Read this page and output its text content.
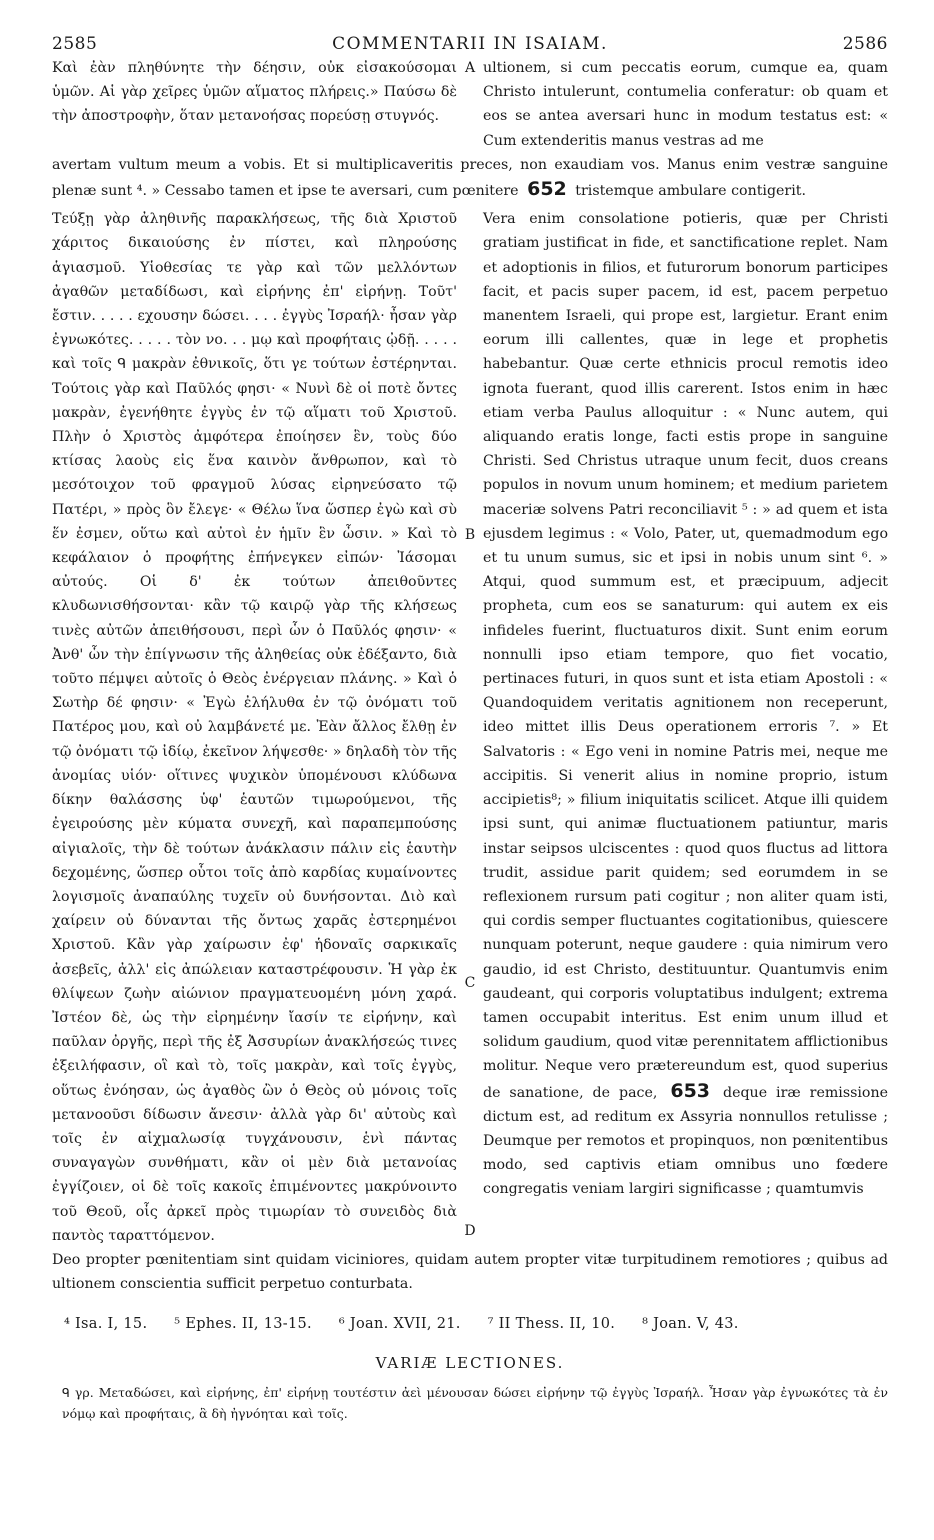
2585	COMMENTARII IN ISAIAM.	2586
Καὶ ἐὰν πληθύνητε τὴν δέησιν, οὐκ εἰσακούσομαι ὑμῶν. Αἱ γὰρ χεῖρες ὑμῶν αἵματος πλήρεις.» Παύσω δὲ τὴν ἀποστροφὴν, ὅταν μετανοήσας πορεύσῃ στυγνός.
A ultionem, si cum peccatis eorum, cumque ea, quam Christo intulerunt, contumelia conferatur: ob quam et eos se antea aversari hunc in modum testatus est: « Cum extenderitis manus vestras ad me
avertam vultum meum a vobis. Et si multiplicaveritis preces, non exaudiam vos. Manus enim vestræ sanguine plenæ sunt ⁴. » Cessabo tamen et ipse te aversari, cum pœnitere 652 tristemque ambulare contigerit.
Τεύξῃ γὰρ ἀληθινῆς παρακλήσεως, τῆς διὰ Χριστοῦ χάριτος δικαιούσης ἐν πίστει, καὶ πληρούσης ἁγιασμοῦ. Υἱοθεσίας τε γὰρ καὶ τῶν μελλόντων ἀγαθῶν μεταδίδωσι, καὶ εἰρήνης ἐπ' εἰρήνῃ. Τοῦτ' ἔστιν. . . . . εχουσην δώσει. . . . ἐγγὺς Ἰσραήλ· ἦσαν γὰρ ἐγνωκότες. . . . . τὸν νο. . . μῳ καὶ προφήταις ᾠδῇ. . . . . καὶ τοῖς ᑫ μακρὰν ἐθνικοῖς, ὅτι γε τούτων ἐστέρηνται. Τούτοις γὰρ καὶ Παῦλός φησι· « Νυνὶ δὲ οἱ ποτὲ ὄντες μακρὰν, ἐγενήθητε ἐγγὺς ἐν τῷ αἵματι τοῦ Χριστοῦ. Πλὴν ὁ Χριστὸς ἀμφότερα ἐποίησεν ἓν, τοὺς δύο κτίσας λαοὺς εἰς ἕνα καινὸν ἄνθρωπον, καὶ τὸ μεσότοιχον τοῦ φραγμοῦ λύσας εἰρηνεύσατο τῷ Πατέρι, » πρὸς ὃν ἔλεγε· « Θέλω ἵνα ὥσπερ ἐγὼ καὶ σὺ ἕν ἐσμεν, οὕτω καὶ αὐτοὶ ἐν ἡμῖν ἓν ὦσιν. » Καὶ τὸ κεφάλαιον ὁ προφήτης ἐπήνεγκεν εἰπών· Ἰάσομαι αὐτούς. Οἱ δ' ἐκ τούτων ἀπειθοῦντες κλυδωνισθήσονται· κἂν τῷ καιρῷ γὰρ τῆς κλήσεως τινὲς αὐτῶν ἀπειθήσουσι, περὶ ὧν ὁ Παῦλός φησιν· « Ἀνθ' ὧν τὴν ἐπίγνωσιν τῆς ἀληθείας οὐκ ἐδέξαντο, διὰ τοῦτο πέμψει αὐτοῖς ὁ Θεὸς ἐνέργειαν πλάνης. » Καὶ ὁ Σωτὴρ δέ φησιν· « Ἐγὼ ἐλήλυθα ἐν τῷ ὀνόματι τοῦ Πατέρος μου, καὶ οὐ λαμβάνετέ με. Ἐὰν ἄλλος ἔλθῃ ἐν τῷ ὀνόματι τῷ ἰδίῳ, ἐκεῖνον λήψεσθε· » δηλαδὴ τὸν τῆς ἀνομίας υἱόν· οἵτινες ψυχικὸν ὑπομένουσι κλύδωνα δίκην θαλάσσης ὑφ' ἑαυτῶν τιμωρούμενοι, τῆς ἐγειρούσης μὲν κύματα συνεχῆ, καὶ παραπεμπούσης αἰγιαλοῖς, τὴν δὲ τούτων ἀνάκλασιν πάλιν εἰς ἑαυτὴν δεχομένης, ὥσπερ οὗτοι τοῖς ἀπὸ καρδίας κυμαίνοντες λογισμοῖς ἀναπαύλης τυχεῖν οὐ δυνήσονται. Διὸ καὶ χαίρειν οὐ δύνανται τῆς ὄντως χαρᾶς ἐστερημένοι Χριστοῦ. Κἂν γὰρ χαίρωσιν ἐφ' ἡδοναῖς σαρκικαῖς ἀσεβεῖς, ἀλλ' εἰς ἀπώλειαν καταστρέφουσιν. Ἡ γὰρ ἐκ θλίψεων ζωὴν αἰώνιον πραγματευομένη μόνη χαρά. Ἰστέον δὲ, ὡς τὴν εἰρημένην ἴασίν τε εἰρήνην, καὶ παῦλαν ὀργῆς, περὶ τῆς ἐξ Ἀσσυρίων ἀνακλήσεώς τινες ἐξειλήφασιν, οἳ καὶ τὸ, τοῖς μακρὰν, καὶ τοῖς ἐγγὺς, οὕτως ἐνόησαν, ὡς ἀγαθὸς ὢν ὁ Θεὸς οὐ μόνοις τοῖς μετανοοῦσι δίδωσιν ἄνεσιν· ἀλλὰ γὰρ δι' αὐτοὺς καὶ τοῖς ἐν αἰχμαλωσίᾳ τυγχάνουσιν, ἑνὶ πάντας συναγαγὼν συνθήματι, κἂν οἱ μὲν διὰ μετανοίας ἐγγίζοιεν, οἱ δὲ τοῖς κακοῖς ἐπιμένοντες μακρύνοιντο τοῦ Θεοῦ, οἷς ἀρκεῖ πρὸς τιμωρίαν τὸ συνειδὸς διὰ παντὸς ταραττόμενον.
B
C
D
Vera enim consolatione potieris, quæ per Christi gratiam justificat in fide, et sanctificatione replet. Nam et adoptionis in filios, et futurorum bonorum participes facit, et pacis super pacem, id est, pacem perpetuo manentem Israeli, qui prope est, largietur. Erant enim eorum illi callentes, quæ in lege et prophetis habebantur. Quæ certe ethnicis procul remotis ideo ignota fuerant, quod illis carerent. Istos enim in hæc etiam verba Paulus alloquitur : « Nunc autem, qui aliquando eratis longe, facti estis prope in sanguine Christi. Sed Christus utraque unum fecit, duos creans populos in novum unum hominem; et medium parietem maceriæ solvens Patri reconciliavit ⁵ : » ad quem et ista ejusdem legimus : « Volo, Pater, ut, quemadmodum ego et tu unum sumus, sic et ipsi in nobis unum sint ⁶. » Atqui, quod summum est, et præcipuum, adjecit propheta, cum eos se sanaturum: qui autem ex eis infideles fuerint, fluctuaturos dixit. Sunt enim eorum nonnulli ipso etiam tempore, quo fiet vocatio, pertinaces futuri, in quos sunt et ista etiam Apostoli : « Quandoquidem veritatis agnitionem non receperunt, ideo mittet illis Deus operationem erroris ⁷. » Et Salvatoris : « Ego veni in nomine Patris mei, neque me accipitis. Si venerit alius in nomine proprio, istum accipietis⁸; » filium iniquitatis scilicet. Atque illi quidem ipsi sunt, qui animæ fluctuationem patiuntur, maris instar seipsos ulciscentes : quod quos fluctus ad littora trudit, assidue parit quidem; sed eorumdem in se reflexionem rursum pati cogitur ; non aliter quam isti, qui cordis semper fluctuantes cogitationibus, quiescere nunquam poterunt, neque gaudere : quia nimirum vero gaudio, id est Christo, destituuntur. Quantumvis enim gaudeant, qui corporis voluptatibus indulgent; extrema tamen occupabit interitus. Est enim unum illud et solidum gaudium, quod vitæ perennitatem afflictionibus molitur. Neque vero prætereundum est, quod superius de sanatione, de pace, 653 deque iræ remissione dictum est, ad reditum ex Assyria nonnullos retulisse ; Deumque per remotos et propinquos, non pœnitentibus modo, sed captivis etiam omnibus uno fœdere congregatis veniam largiri significasse ; quamtumvis
Deo propter pœnitentiam sint quidam viciniores, quidam autem propter vitæ turpitudinem remotiores ; quibus ad ultionem conscientia sufficit perpetuo conturbata.
⁴ Isa. I, 15. ⁵ Ephes. II, 13-15. ⁶ Joan. XVII, 21. ⁷ II Thess. II, 10. ⁸ Joan. V, 43.
VARIÆ LECTIONES.
ᑫ γρ. Μεταδώσει, καὶ εἰρήνης, ἐπ' εἰρήνῃ τουτέστιν ἀεὶ μένουσαν δώσει εἰρήνην τῷ ἐγγὺς Ἰσραήλ. Ἦσαν γὰρ ἐγνωκότες τὰ ἐν νόμῳ καὶ προφήταις, ἃ δὴ ἠγνόηται καὶ τοῖς.
